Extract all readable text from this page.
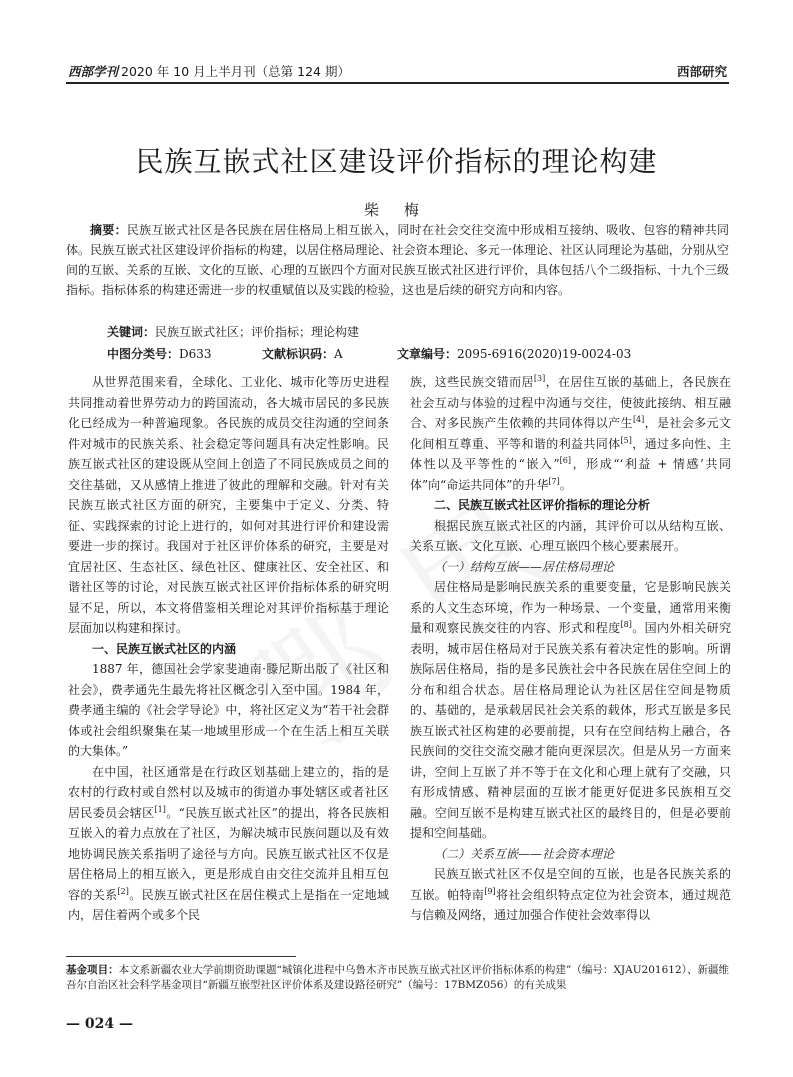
西部学刊 2020 年 10 月上半月刊（总第 124 期）	西部研究
民族互嵌式社区建设评价指标的理论构建
柴 梅
摘要：民族互嵌式社区是各民族在居住格局上相互嵌入，同时在社会交往交流中形成相互接纳、吸收、包容的精神共同体。民族互嵌式社区建设评价指标的构建，以居住格局理论、社会资本理论、多元一体理论、社区认同理论为基础，分别从空间的互嵌、关系的互嵌、文化的互嵌、心理的互嵌四个方面对民族互嵌式社区进行评价，具体包括八个二级指标、十九个三级指标。指标体系的构建还需进一步的权重赋值以及实践的检验，这也是后续的研究方向和内容。
关键词：民族互嵌式社区；评价指标；理论构建
中图分类号：D633	文献标识码：A	文章编号：2095-6916(2020)19-0024-03

从世界范围来看，全球化、工业化、城市化等历史进程共同推动着世界劳动力的跨国流动，各大城市居民的多民族化已经成为一种普遍现象。各民族的成员交往沟通的空间条件对城市的民族关系、社会稳定等问题具有决定性影响。民族互嵌式社区的建设既从空间上创造了不同民族成员之间的交往基础，又从感情上推进了彼此的理解和交融。针对有关民族互嵌式社区方面的研究，主要集中于定义、分类、特征、实践探索的讨论上进行的，如何对其进行评价和建设需要进一步的探讨。我国对于社区评价体系的研究，主要是对宜居社区、生态社区、绿色社区、健康社区、安全社区、和谐社区等的讨论，对民族互嵌式社区评价指标体系的研究明显不足，所以，本文将借鉴相关理论对其评价指标基于理论层面加以构建和探讨。

一、民族互嵌式社区的内涵

1887 年，德国社会学家斐迪南·滕尼斯出版了《社区和社会》，费孝通先生最先将社区概念引入至中国。1984 年，费孝通主编的《社会学导论》中，将社区定义为“若干社会群体或社会组织聚集在某一地域里形成一个在生活上相互关联的大集体。”

在中国，社区通常是在行政区划基础上建立的，指的是农村的行政村或自然村以及城市的街道办事处辖区或者社区居民委员会辖区[1]。“民族互嵌式社区”的提出，将各民族相互嵌入的着力点放在了社区，为解决城市民族问题以及有效地协调民族关系指明了途径与方向。民族互嵌式社区不仅是居住格局上的相互嵌入，更是形成自由交往交流并且相互包容的关系[2]。民族互嵌式社区在居住模式上是指在一定地域内，居住着两个或多个民

族，这些民族交错而居[3]，在居住互嵌的基础上，各民族在社会互动与体验的过程中沟通与交往，使彼此接纳、相互融合、对多民族产生依赖的共同体得以产生[4]，是社会多元文化间相互尊重、平等和谐的利益共同体[5]，通过多向性、主体性以及平等性的“嵌入”[6]，形成“‘利益 + 情感’共同体”向“命运共同体”的升华[7]。

二、民族互嵌式社区评价指标的理论分析

根据民族互嵌式社区的内涵，其评价可以从结构互嵌、关系互嵌、文化互嵌、心理互嵌四个核心要素展开。

（一）结构互嵌——居住格局理论

居住格局是影响民族关系的重要变量，它是影响民族关系的人文生态环境，作为一种场景、一个变量，通常用来衡量和观察民族交往的内容、形式和程度[8]。国内外相关研究表明，城市居住格局对于民族关系有着决定性的影响。所谓族际居住格局，指的是多民族社会中各民族在居住空间上的分布和组合状态。居住格局理论认为社区居住空间是物质的、基础的，是承载居民社会关系的载体，形式互嵌是多民族互嵌式社区构建的必要前提，只有在空间结构上融合，各民族间的交往交流交融才能向更深层次。但是从另一方面来讲，空间上互嵌了并不等于在文化和心理上就有了交融，只有形成情感、精神层面的互嵌才能更好促进多民族相互交融。空间互嵌不是构建互嵌式社区的最终目的，但是必要前提和空间基础。

（二）关系互嵌——社会资本理论

民族互嵌式社区不仅是空间的互嵌，也是各民族关系的互嵌。帕特南[9]将社会组织特点定位为社会资本，通过规范与信赖及网络，通过加强合作使社会效率得以

基金项目：本文系新疆农业大学前期资助课题“城镇化进程中乌鲁木齐市民族互嵌式社区评价指标体系的构建”（编号：XJAU201612）、新疆维吾尔自治区社会科学基金项目“新疆互嵌型社区评价体系及建设路径研究”（编号：17BMZ056）的有关成果
— 024 —
